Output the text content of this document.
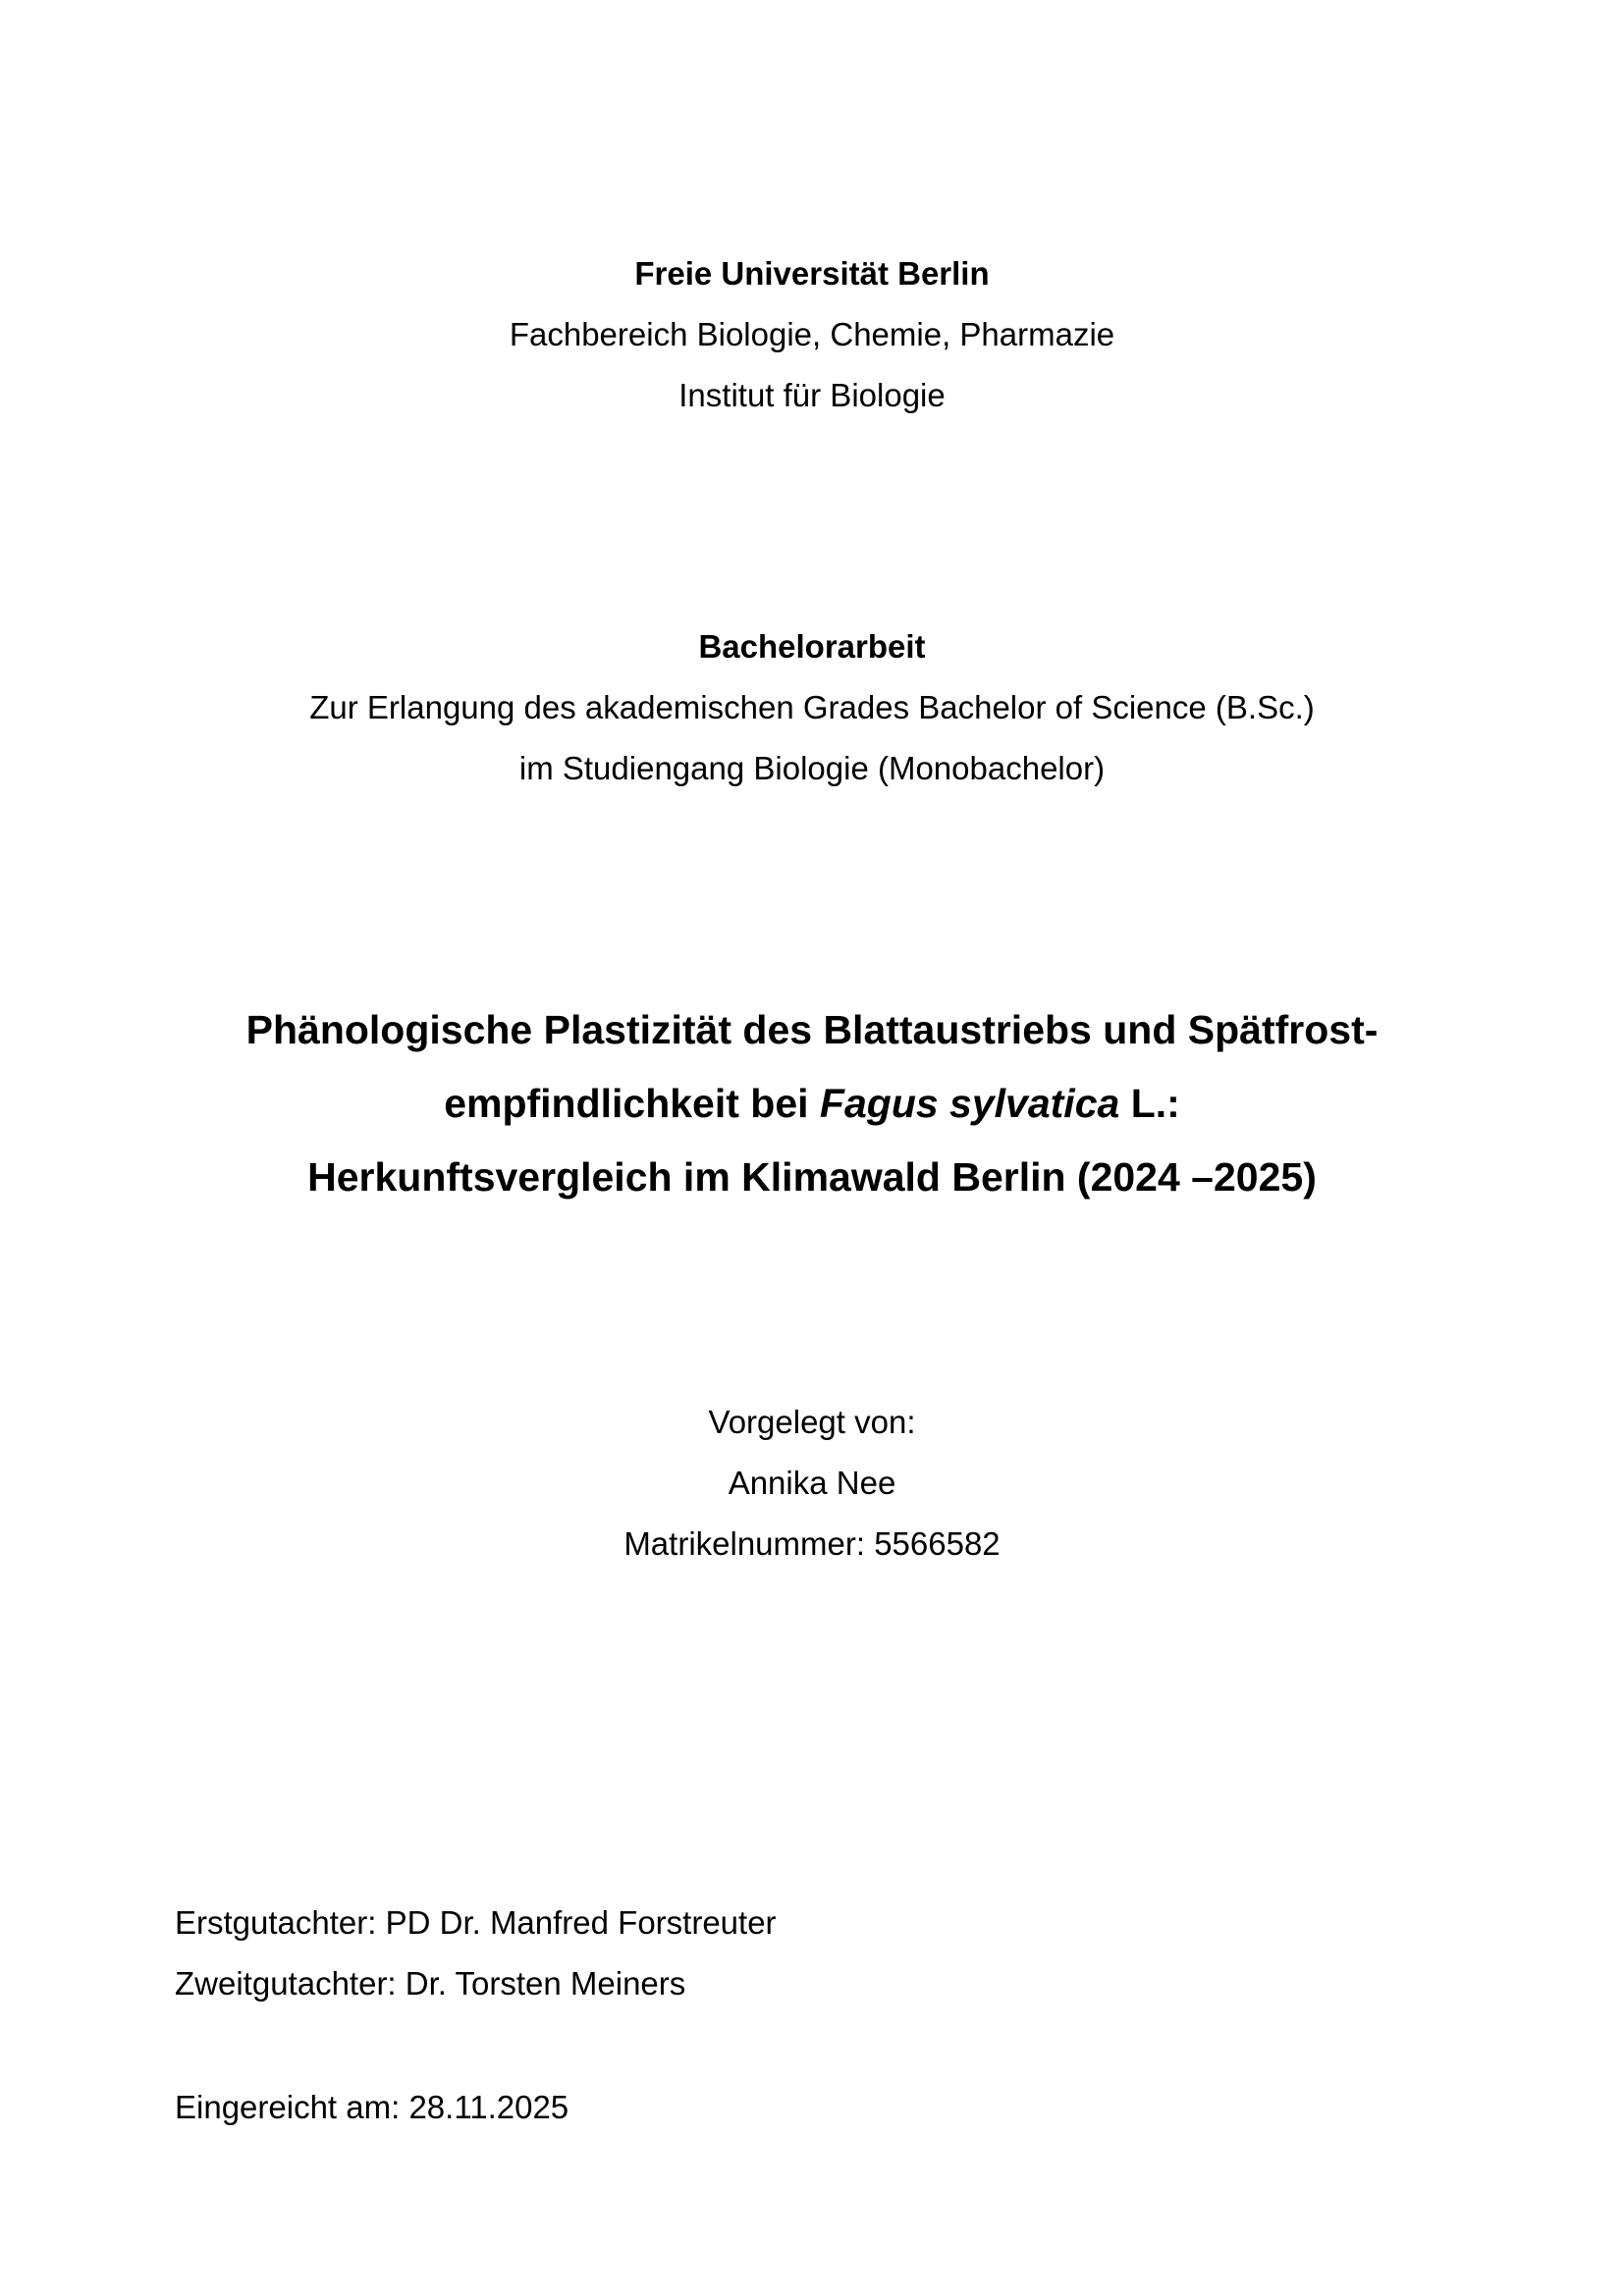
Freie Universität Berlin
Fachbereich Biologie, Chemie, Pharmazie
Institut für Biologie
Bachelorarbeit
Zur Erlangung des akademischen Grades Bachelor of Science (B.Sc.)
im Studiengang Biologie (Monobachelor)
Phänologische Plastizität des Blattaustriebs und Spätfrost-
empfindlichkeit bei Fagus sylvatica L.:
Herkunftsvergleich im Klimawald Berlin (2024 –2025)
Vorgelegt von:
Annika Nee
Matrikelnummer: 5566582
Erstgutachter: PD Dr. Manfred Forstreuter
Zweitgutachter: Dr. Torsten Meiners
Eingereicht am: 28.11.2025
